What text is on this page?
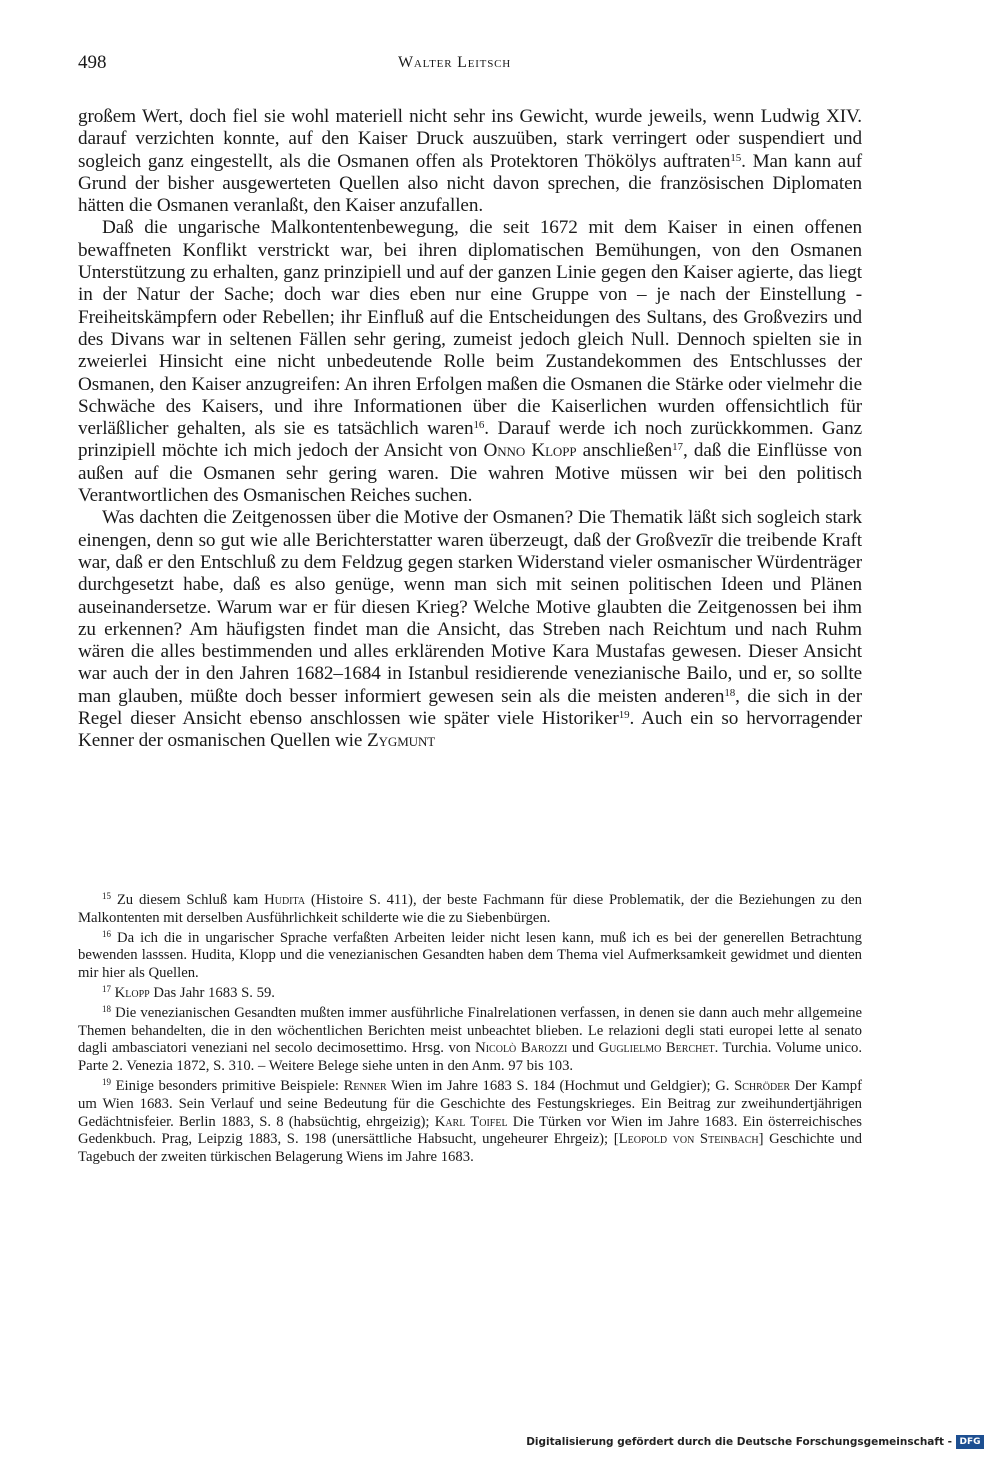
498	Walter Leitsch

großem Wert, doch fiel sie wohl materiell nicht sehr ins Gewicht, wurde jeweils, wenn Ludwig XIV. darauf verzichten konnte, auf den Kaiser Druck auszuüben, stark verringert oder suspendiert und sogleich ganz eingestellt, als die Osmanen offen als Protektoren Thökölys auftraten$^{15}$. Man kann auf Grund der bisher ausgewerteten Quellen also nicht davon sprechen, die französischen Diplomaten hätten die Osmanen veranlaßt, den Kaiser anzufallen.

Daß die ungarische Malkontentenbewegung, die seit 1672 mit dem Kaiser in einen offenen bewaffneten Konflikt verstrickt war, bei ihren diplomatischen Bemühungen, von den Osmanen Unterstützung zu erhalten, ganz prinzipiell und auf der ganzen Linie gegen den Kaiser agierte, das liegt in der Natur der Sache; doch war dies eben nur eine Gruppe von – je nach der Einstellung - Freiheitskämpfern oder Rebellen; ihr Einfluß auf die Entscheidungen des Sultans, des Großvezirs und des Divans war in seltenen Fällen sehr gering, zumeist jedoch gleich Null. Dennoch spielten sie in zweierlei Hinsicht eine nicht unbedeutende Rolle beim Zustandekommen des Entschlusses der Osmanen, den Kaiser anzugreifen: An ihren Erfolgen maßen die Osmanen die Stärke oder vielmehr die Schwäche des Kaisers, und ihre Informationen über die Kaiserlichen wurden offensichtlich für verläßlicher gehalten, als sie es tatsächlich waren$^{16}$. Darauf werde ich noch zurückkommen. Ganz prinzipiell möchte ich mich jedoch der Ansicht von Onno Klopp anschließen$^{17}$, daß die Einflüsse von außen auf die Osmanen sehr gering waren. Die wahren Motive müssen wir bei den politisch Verantwortlichen des Osmanischen Reiches suchen.

Was dachten die Zeitgenossen über die Motive der Osmanen? Die Thematik läßt sich sogleich stark einengen, denn so gut wie alle Berichterstatter waren überzeugt, daß der Großvezīr die treibende Kraft war, daß er den Entschluß zu dem Feldzug gegen starken Widerstand vieler osmanischer Würdenträger durchgesetzt habe, daß es also genüge, wenn man sich mit seinen politischen Ideen und Plänen auseinandersetze. Warum war er für diesen Krieg? Welche Motive glaubten die Zeitgenossen bei ihm zu erkennen? Am häufigsten findet man die Ansicht, das Streben nach Reichtum und nach Ruhm wären die alles bestimmenden und alles erklärenden Motive Kara Mustafas gewesen. Dieser Ansicht war auch der in den Jahren 1682–1684 in Istanbul residierende venezianische Bailo, und er, so sollte man glauben, müßte doch besser informiert gewesen sein als die meisten anderen$^{18}$, die sich in der Regel dieser Ansicht ebenso anschlossen wie später viele Historiker$^{19}$. Auch ein so hervorragender Kenner der osmanischen Quellen wie Zygmunt

$^{15}$ Zu diesem Schluß kam Hudita (Histoire S. 411), der beste Fachmann für diese Problematik, der die Beziehungen zu den Malkontenten mit derselben Ausführlichkeit schilderte wie die zu Siebenbürgen.

$^{16}$ Da ich die in ungarischer Sprache verfaßten Arbeiten leider nicht lesen kann, muß ich es bei der generellen Betrachtung bewenden lasssen. Hudita, Klopp und die venezianischen Gesandten haben dem Thema viel Aufmerksamkeit gewidmet und dienten mir hier als Quellen.

$^{17}$ Klopp Das Jahr 1683 S. 59.

$^{18}$ Die venezianischen Gesandten mußten immer ausführliche Finalrelationen verfassen, in denen sie dann auch mehr allgemeine Themen behandelten, die in den wöchentlichen Berichten meist unbeachtet blieben. Le relazioni degli stati europei lette al senato dagli ambasciatori veneziani nel secolo decimosettimo. Hrsg. von Nicolò Barozzi und Guglielmo Berchet. Turchia. Volume unico. Parte 2. Venezia 1872, S. 310. – Weitere Belege siehe unten in den Anm. 97 bis 103.

$^{19}$ Einige besonders primitive Beispiele: Renner Wien im Jahre 1683 S. 184 (Hochmut und Geldgier); G. Schröder Der Kampf um Wien 1683. Sein Verlauf und seine Bedeutung für die Geschichte des Festungskrieges. Ein Beitrag zur zweihundertjährigen Gedächtnisfeier. Berlin 1883, S. 8 (habsüchtig, ehrgeizig); Karl Toifel Die Türken vor Wien im Jahre 1683. Ein österreichisches Gedenkbuch. Prag, Leipzig 1883, S. 198 (unersättliche Habsucht, ungeheurer Ehrgeiz); [Leopold von Steinbach] Geschichte und Tagebuch der zweiten türkischen Belagerung Wiens im Jahre 1683.

Digitalisierung gefördert durch die Deutsche Forschungsgemeinschaft - DFG
